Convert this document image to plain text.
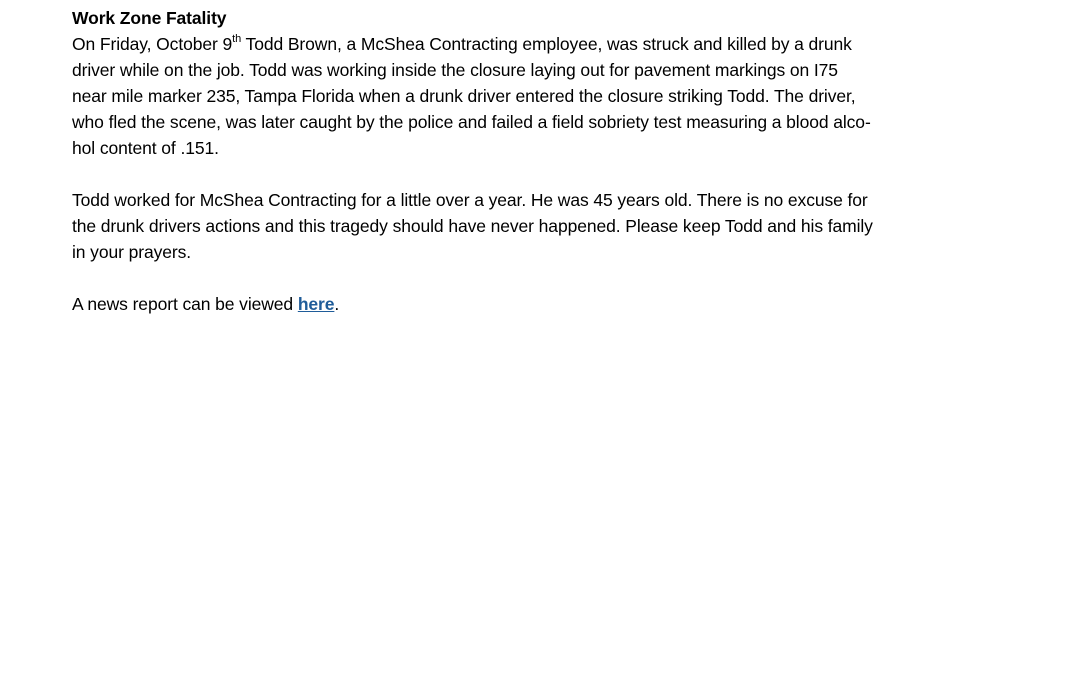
Work Zone Fatality
On Friday, October 9th Todd Brown, a McShea Contracting employee, was struck and killed by a drunk
driver while on the job. Todd was working inside the closure laying out for pavement markings on I75
near mile marker 235, Tampa Florida when a drunk driver entered the closure striking Todd. The driver,
who fled the scene, was later caught by the police and failed a field sobriety test measuring a blood alco-
hol content of .151.
Todd worked for McShea Contracting for a little over a year. He was 45 years old. There is no excuse for
the drunk drivers actions and this tragedy should have never happened. Please keep Todd and his family
in your prayers.
A news report can be viewed here.
